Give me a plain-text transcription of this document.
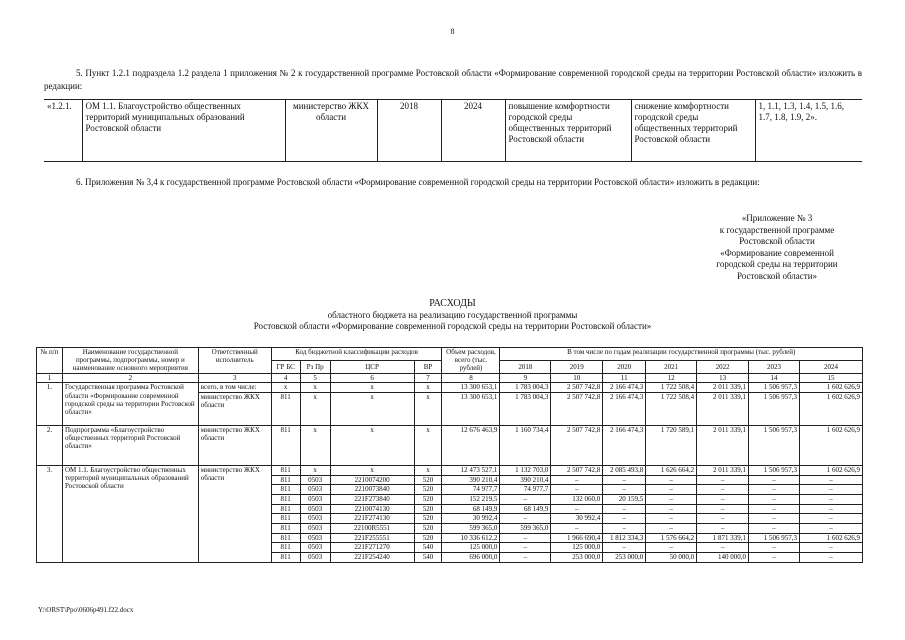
8
5. Пункт 1.2.1 подраздела 1.2 раздела 1 приложения № 2 к государственной программе Ростовской области «Формирование современной городской среды на территории Ростовской области» изложить в редакции:
«1.2.1.	ОМ 1.1. Благоустройство общественных территорий муниципальных образований Ростовской области	министерство ЖКХ области	2018	2024	повышение комфортности городской среды общественных территорий Ростовской области	снижение комфортности городской среды общественных территорий Ростовской области	1, 1.1, 1.3, 1.4, 1.5, 1.6, 1.7, 1.8, 1.9, 2».
6. Приложения № 3,4 к государственной программе Ростовской области «Формирование современной городской среды на территории Ростовской области» изложить в редакции:
«Приложение № 3
к государственной программе
Ростовской области
«Формирование современной
городской среды на территории
Ростовской области»
РАСХОДЫ
областного бюджета на реализацию государственной программы
Ростовской области «Формирование современной городской среды на территории Ростовской области»
№ п/п	Наименование государственной программы, подпрограммы, номер и наименование основного мероприятия	Ответственный исполнитель	Код бюджетной классификации расходов				Объем расходов, всего (тыс. рублей)	В том числе по годам реализации государственной программы (тыс. рублей)						
			ГР БС	Рз Пр	ЦСР	ВР		2018	2019	2020	2021	2022	2023	2024
1	2	3	4	5	6	7	8	9	10	11	12	13	14	15
1.	Государственная программа Ростовской области «Формирование современной городской среды на территории Ростовской области»	всего, в том числе:	x	x	x	x	13 300 653,1	1 783 004,3	2 507 742,8	2 166 474,3	1 722 508,4	2 011 339,1	1 506 957,3	1 602 626,9
		министерство ЖКХ области	811	x	x	x	13 300 653,1	1 783 004,3	2 507 742,8	2 166 474,3	1 722 508,4	2 011 339,1	1 506 957,3	1 602 626,9
2.	Подпрограмма «Благоустройство общественных территорий Ростовской области»	министерство ЖКХ области	811	x	x	x	12 676 463,9	1 160 734,4	2 507 742,8	2 166 474,3	1 720 589,1	2 011 339,1	1 506 957,3	1 602 626,9
3.	ОМ 1.1. Благоустройство общественных территорий муниципальных образований Ростовской области	министерство ЖКХ области	811	x	x	x	12 473 527,1	1 132 703,0	2 507 742,8	2 085 493,8	1 626 664,2	2 011 339,1	1 506 957,3	1 602 626,9
			811	0503	2210074200	520	390 210,4	390 210,4	–	–	–	–	–	–
			811	0503	2210073840	520	74 977,7	74 977,7	–	–	–	–	–	–
			811	0503	221F273840	520	152 219,5	–	132 060,0	20 159,5	–	–	–	–
			811	0503	2210074130	520	68 149,9	68 149,9	–	–	–	–	–	–
			811	0503	221F274130	520	30 992,4	–	30 992,4	–	–	–	–	–
			811	0503	22100R5551	520	599 365,0	599 365,0	–	–	–	–	–	–
			811	0503	221F255551	520	10 336 612,2	–	1 966 690,4	1 812 334,3	1 576 664,2	1 871 339,1	1 506 957,3	1 602 626,9
			811	0503	221F271270	540	125 000,0	–	125 000,0	–	–	–	–	–
			811	0503	221F254240	540	696 000,0	–	253 000,0	253 000,0	50 000,0	140 000,0	–	–
Y:\ORST\Ppo\0606p491.f22.docx
